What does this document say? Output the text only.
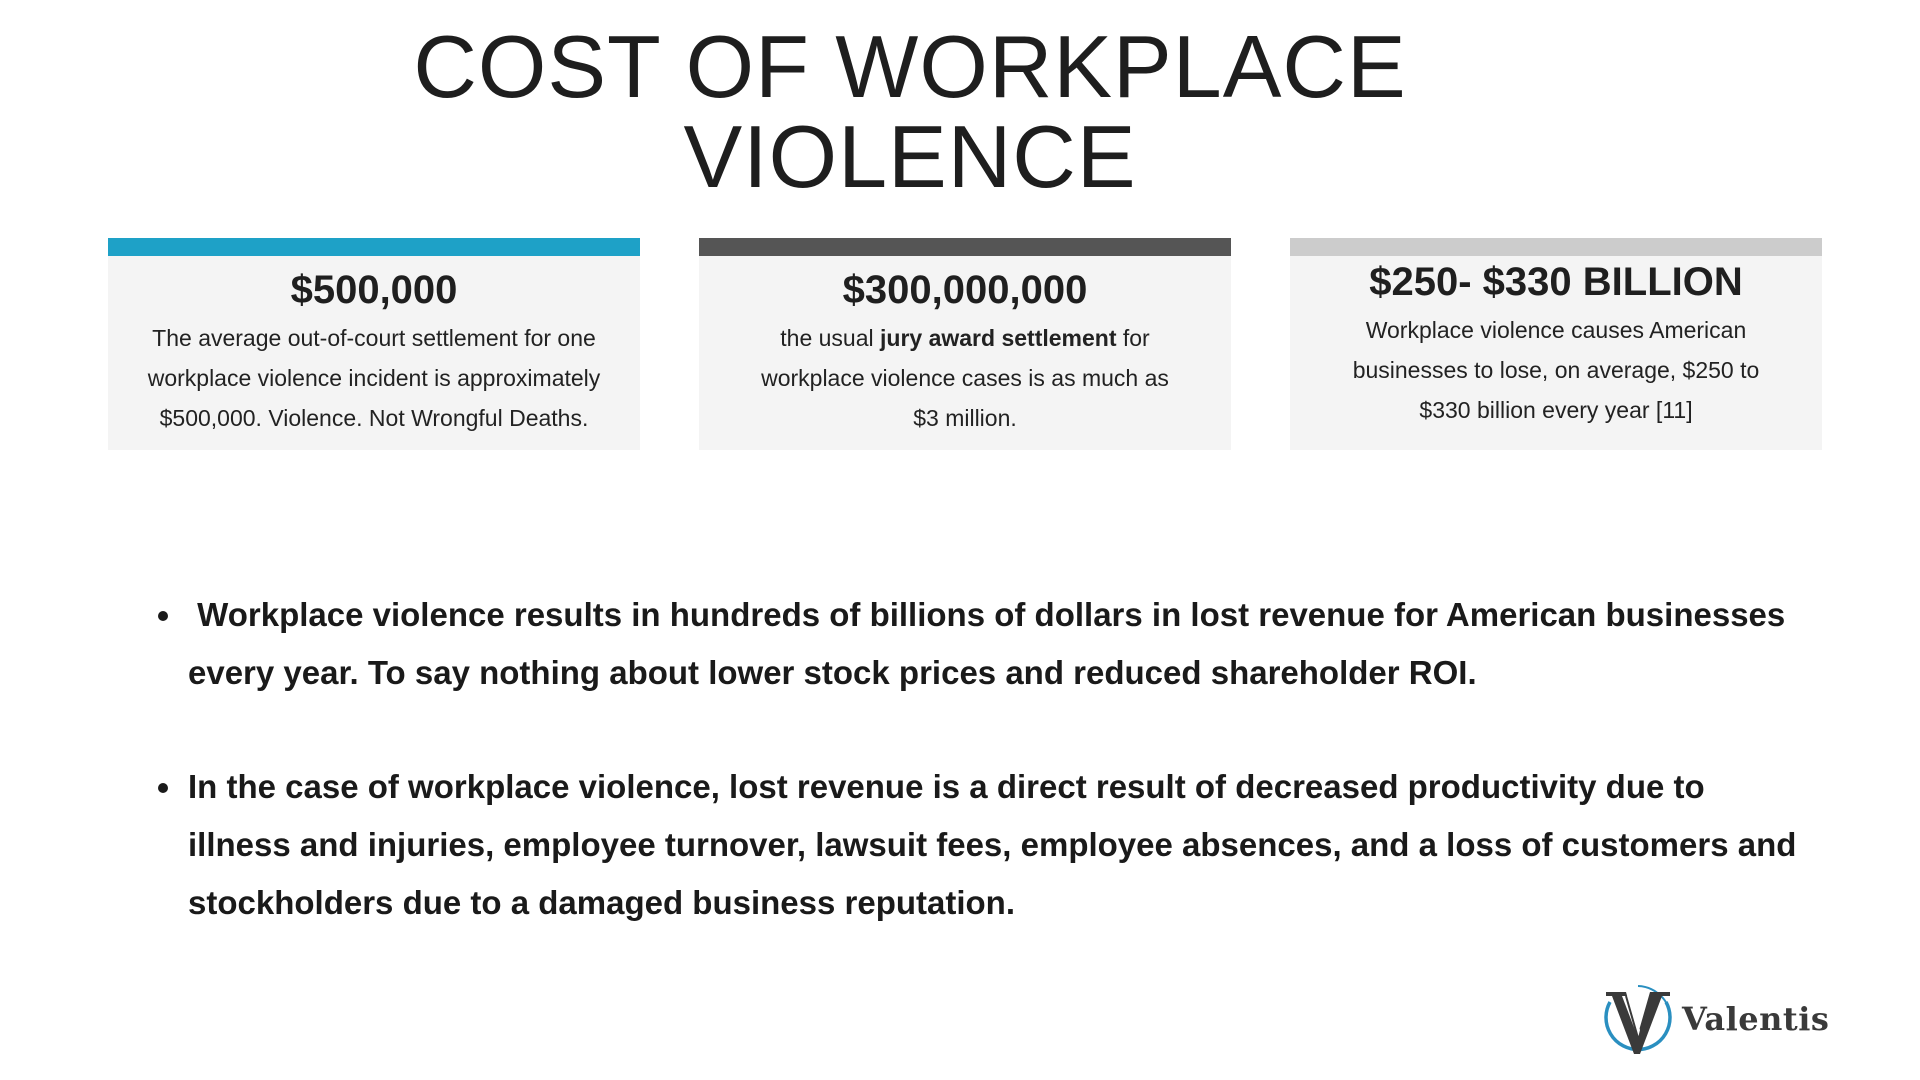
COST OF WORKPLACE
VIOLENCE
$500,000
The average out-of-court settlement for one
workplace violence incident is approximately
$500,000. Violence. Not Wrongful Deaths.
$300,000,000
the usual jury award settlement for
workplace violence cases is as much as
$3 million.
$250- $330 BILLION
Workplace violence causes American
businesses to lose, on average, $250 to
$330 billion every year [11]
Workplace violence results in hundreds of billions of dollars in lost revenue for American businesses every year. To say nothing about lower stock prices and reduced shareholder ROI.
In the case of workplace violence, lost revenue is a direct result of decreased productivity due to illness and injuries, employee turnover, lawsuit fees, employee absences, and a loss of customers and stockholders due to a damaged business reputation.
Valentis
